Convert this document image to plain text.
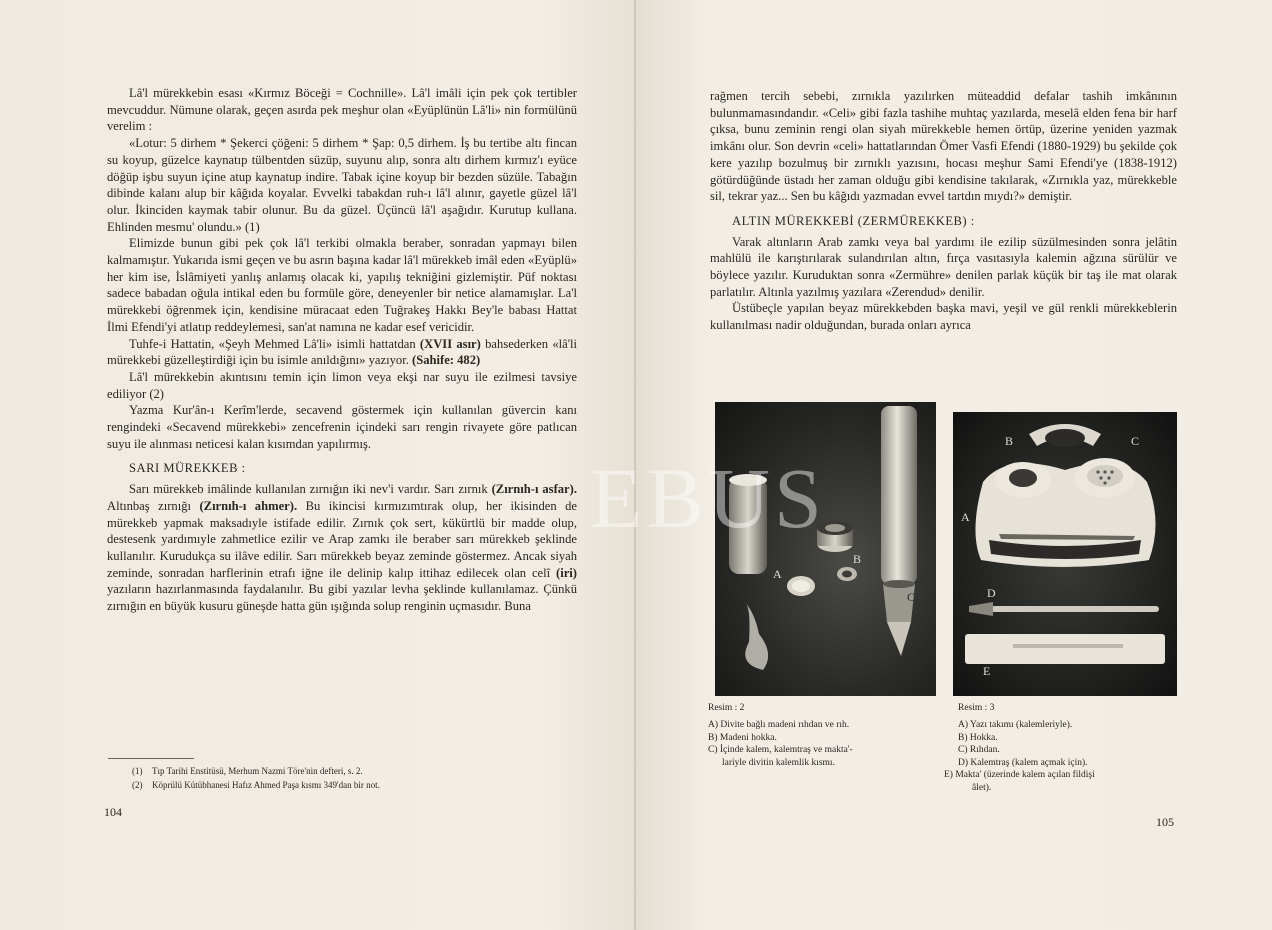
Lâ'l mürekkebin esası «Kırmız Böceği = Cochnille». Lâ'l imâli için pek çok tertibler mevcuddur. Nümune olarak, geçen asırda pek meşhur olan «Eyüplünün Lâ'li» nin formülünü verelim :

«Lotur: 5 dirhem * Şekerci çöğeni: 5 dirhem * Şap: 0,5 dirhem. İş bu tertibe altı fincan su koyup, güzelce kaynatıp tülbentden süzüp, suyunu alıp, sonra altı dirhem kırmız'ı eyüce döğüp işbu suyun içine atup kaynatup indire. Tabak içine koyup bir bezden süzüle. Tabağın dibinde kalanı alup bir kâğıda koyalar. Evvelki tabakdan ruh-ı lâ'l alınır, gayetle güzel lâ'l olur. İkinciden kaymak tabir olunur. Bu da güzel. Üçüncü lâ'l aşağıdır. Kurutup kullana. Ehlinden mesmu' olundu.» (1)

Elimizde bunun gibi pek çok lâ'l terkibi olmakla beraber, sonradan yapmayı bilen kalmamıştır. Yukarıda ismi geçen ve bu asrın başına kadar lâ'l mürekkeb imâl eden «Eyüplü» her kim ise, İslâmiyeti yanlış anlamış olacak ki, yapılış tekniğini gizlemiştir. Püf noktası sadece babadan oğula intikal eden bu formüle göre, deneyenler bir netice alamamışlar. La'l mürekkebi öğrenmek için, kendisine müracaat eden Tuğrakeş Hakkı Bey'le babası Hattat İlmi Efendi'yi atlatıp reddeylemesi, san'at namına ne kadar esef vericidir.

Tuhfe-i Hattatin, «Şeyh Mehmed Lâ'li» isimli hattatdan (XVII asır) bahsederken «lâ'li mürekkebi güzelleştirdiği için bu isimle anıldığını» yazıyor. (Sahife: 482)

Lâ'l mürekkebin akıntısını temin için limon veya ekşi nar suyu ile ezilmesi tavsiye ediliyor (2)

Yazma Kur'ân-ı Kerîm'lerde, secavend göstermek için kullanılan güvercin kanı rengindeki «Secavend mürekkebi» zencefrenin içindeki sarı rengin rivayete göre patlıcan suyu ile alınması neticesi kalan kısımdan yapılırmış.

SARI MÜREKKEB :

Sarı mürekkeb imâlinde kullanılan zırnığın iki nev'i vardır. Sarı zırnık (Zırnıh-ı asfar). Altınbaş zırnığı (Zırnıh-ı ahmer). Bu ikincisi kırmızımtırak olup, her ikisinden de mürekkeb yapmak maksadıyle istifade edilir. Zırnık çok sert, kükürtlü bir madde olup, destesenk yardımıyle zahmetlice ezilir ve Arap zamkı ile beraber sarı mürekkeb şeklinde kullanılır. Kurudukça su ilâve edilir. Sarı mürekkeb beyaz zeminde göstermez. Ancak siyah zeminde, sonradan harflerinin etrafı iğne ile delinip kalıp ittihaz edilecek olan celî (iri) yazıların hazırlanmasında faydalanılır. Bu gibi yazılar levha şeklinde kullanılamaz. Çünkü zırnığın en büyük kusuru güneşde hatta gün ışığında solup renginin uçmasıdır. Buna

(1) Tıp Tarihi Enstitüsü, Merhum Nazmi Töre'nin defteri, s. 2.
(2) Köprülü Kütübhanesi Hafız Ahmed Paşa kısmı 349'dan bir not.
104

rağmen tercih sebebi, zırnıkla yazılırken müteaddid defalar tashih imkânının bulunmamasındandır. «Celi» gibi fazla tashihe muhtaç yazılarda, meselâ elden fena bir harf çıksa, bunu zeminin rengi olan siyah mürekkeble hemen örtüp, üzerine yeniden yazmak imkânı olur. Son devrin «celi» hattatlarından Ömer Vasfi Efendi (1880-1929) bu şekilde çok kere yazılıp bozulmuş bir zırnıklı yazısını, hocası meşhur Sami Efendi'ye (1838-1912) götürdüğünde üstadı her zaman olduğu gibi kendisine takılarak, «Zırnıkla yaz, mürekkeble sil, tekrar yaz... Sen bu kâğıdı yazmadan evvel tartdın mıydı?» demiştir.

ALTIN MÜREKKEBİ (ZERMÜREKKEB) :

Varak altınların Arab zamkı veya bal yardımı ile ezilip süzülmesinden sonra jelâtin mahlülü ile karıştırılarak sulandırılan altın, fırça vasıtasıyla kalemin ağzına sürülür ve böylece yazılır. Kuruduktan sonra «Zermühre» denilen parlak küçük bir taş ile mat olarak parlatılır. Altınla yazılmış yazılara «Zerendud» denilir.

Üstübeçle yapılan beyaz mürekkebden başka mavi, yeşil ve gül renkli mürekkeblerin kullanılması nadir olduğundan, burada onları ayrıca

105
A
B
C
A
B	C
D
E
Resim : 2
A) Divite bağlı madeni rıhdan ve rıh.
B) Madeni hokka.
C) İçinde kalem, kalemtraş ve makta'-
lariyle divitin kalemlik kısmı.
Resim : 3
A) Yazı takımı (kalemleriyle).
B) Hokka.
C) Rıhdan.
D) Kalemtraş (kalem açmak için).
E) Makta' (üzerinde kalem açılan fildişi
âlet).
EBUS
